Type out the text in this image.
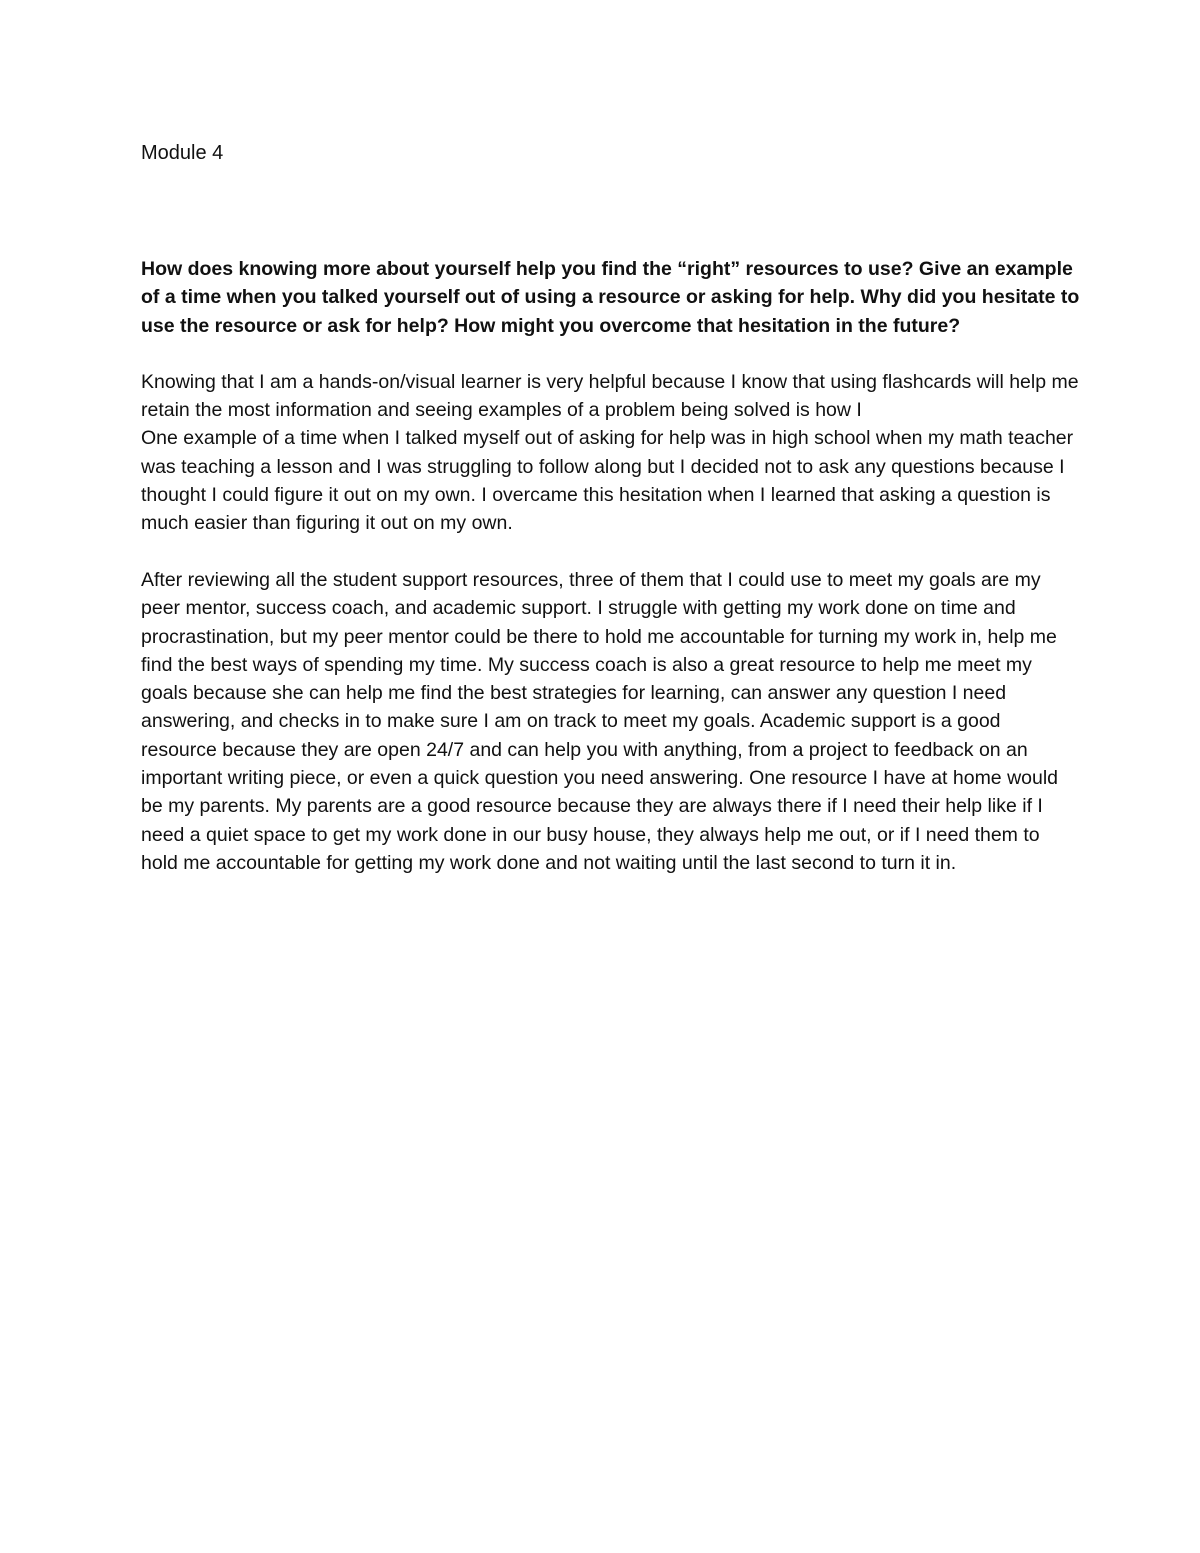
Module 4

How does knowing more about yourself help you find the “right” resources to use? Give an example of a time when you talked yourself out of using a resource or asking for help. Why did you hesitate to use the resource or ask for help? How might you overcome that hesitation in the future?

Knowing that I am a hands-on/visual learner is very helpful because I know that using flashcards will help me retain the most information and seeing examples of a problem being solved is how I

One example of a time when I talked myself out of asking for help was in high school when my math teacher was teaching a lesson and I was struggling to follow along but I decided not to ask any questions because I thought I could figure it out on my own. I overcame this hesitation when I learned that asking a question is much easier than figuring it out on my own.

After reviewing all the student support resources, three of them that I could use to meet my goals are my peer mentor, success coach, and academic support. I struggle with getting my work done on time and procrastination, but my peer mentor could be there to hold me accountable for turning my work in, help me find the best ways of spending my time. My success coach is also a great resource to help me meet my goals because she can help me find the best strategies for learning, can answer any question I need answering, and checks in to make sure I am on track to meet my goals. Academic support is a good resource because they are open 24/7 and can help you with anything, from a project to feedback on an important writing piece, or even a quick question you need answering. One resource I have at home would be my parents. My parents are a good resource because they are always there if I need their help like if I need a quiet space to get my work done in our busy house, they always help me out, or if I need them to hold me accountable for getting my work done and not waiting until the last second to turn it in.
